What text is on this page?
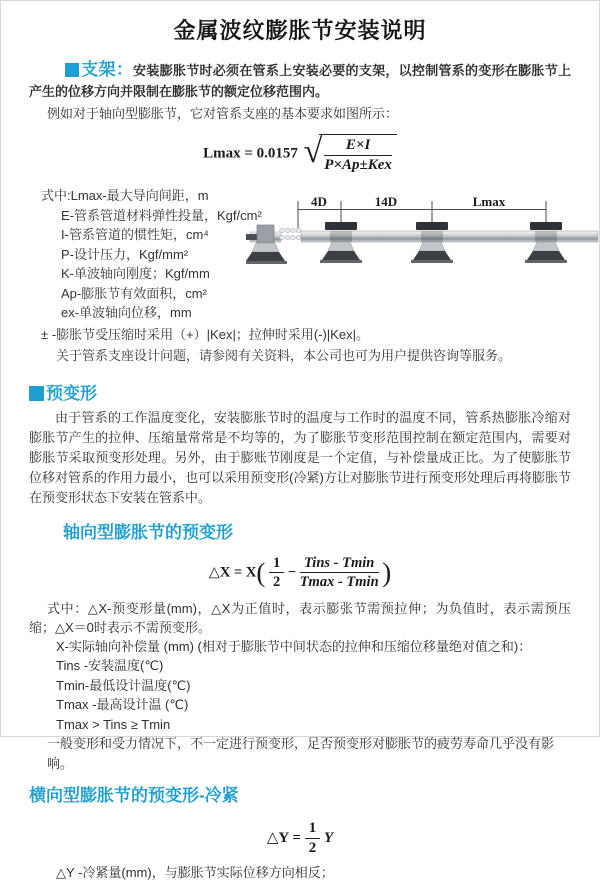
金属波纹膨胀节安装说明

支架：安装膨胀节时必须在管系上安装必要的支架，以控制管系的变形在膨胀节上产生的位移方向并限制在膨胀节的额定位移范围内。

例如对于轴向型膨胀节，它对管系支座的基本要求如图所示：

Lmax = 0.0157 √ $\frac{E\times I}{\text{P×Ap±Kex}}$
式中:Lmax-最大导向间距，m
E-管系管道材料弹性投量，Kgf/cm²
I-管系管道的惯性矩，cm⁴
P-设计压力，Kgf/mm²
K-单波轴向刚度；Kgf/mm
Ap-膨胀节有效面积，cm²
ex-单波轴向位移，mm
± -膨胀节受压缩时采用（+）|Kex|；拉伸时采用(-)|Kex|。
关于管系支座设计问题，请参阅有关资料，本公司也可为用户提供咨询等服务。
4D	14D	Lmax
预变形

由于管系的工作温度变化，安装膨胀节时的温度与工作时的温度不同，管系热膨胀冷缩对膨胀节产生的拉伸、压缩量常常是不均等的，为了膨胀节变形范围控制在额定范围内，需要对膨胀节采取预变形处理。另外，由于膨账节刚度是一个定值，与补偿量成正比。为了使膨胀节位移对管系的作用力最小，也可以采用预变形(冷紧)方让对膨胀节进行预变形处理后再将膨胀节在预变形状态下安装在管系中。

轴向型膨胀节的预变形
△X = $X( \frac{1}{2} - \frac{\text{Tins - Tmin}}{Tmax - Tmin}$ )

式中：△X-预变形量(mm)，△X为正值时，表示膨张节需预拉伸；为负值时，表示需预压缩；△X＝0时表示不需预变形。

X-实际轴向补偿量 (mm) (相对于膨胀节中间状态的拉伸和压缩位移量绝对值之和)：
Tins -安装温度(℃)
Tmin-最低设计温度(℃)
Tmax -最高设计温 (℃)
Tmax > Tins ≥ Tmin
一般变形和受力情况下，不一定进行预变形，足否预变形对膨胀节的疲劳寿命几乎没有影响。
横向型膨胀节的预变形-冷紧
△Y = $\frac{1}{2}$ Y
△Y -冷紧量(mm)，与膨胀节实际位移方向相反；
